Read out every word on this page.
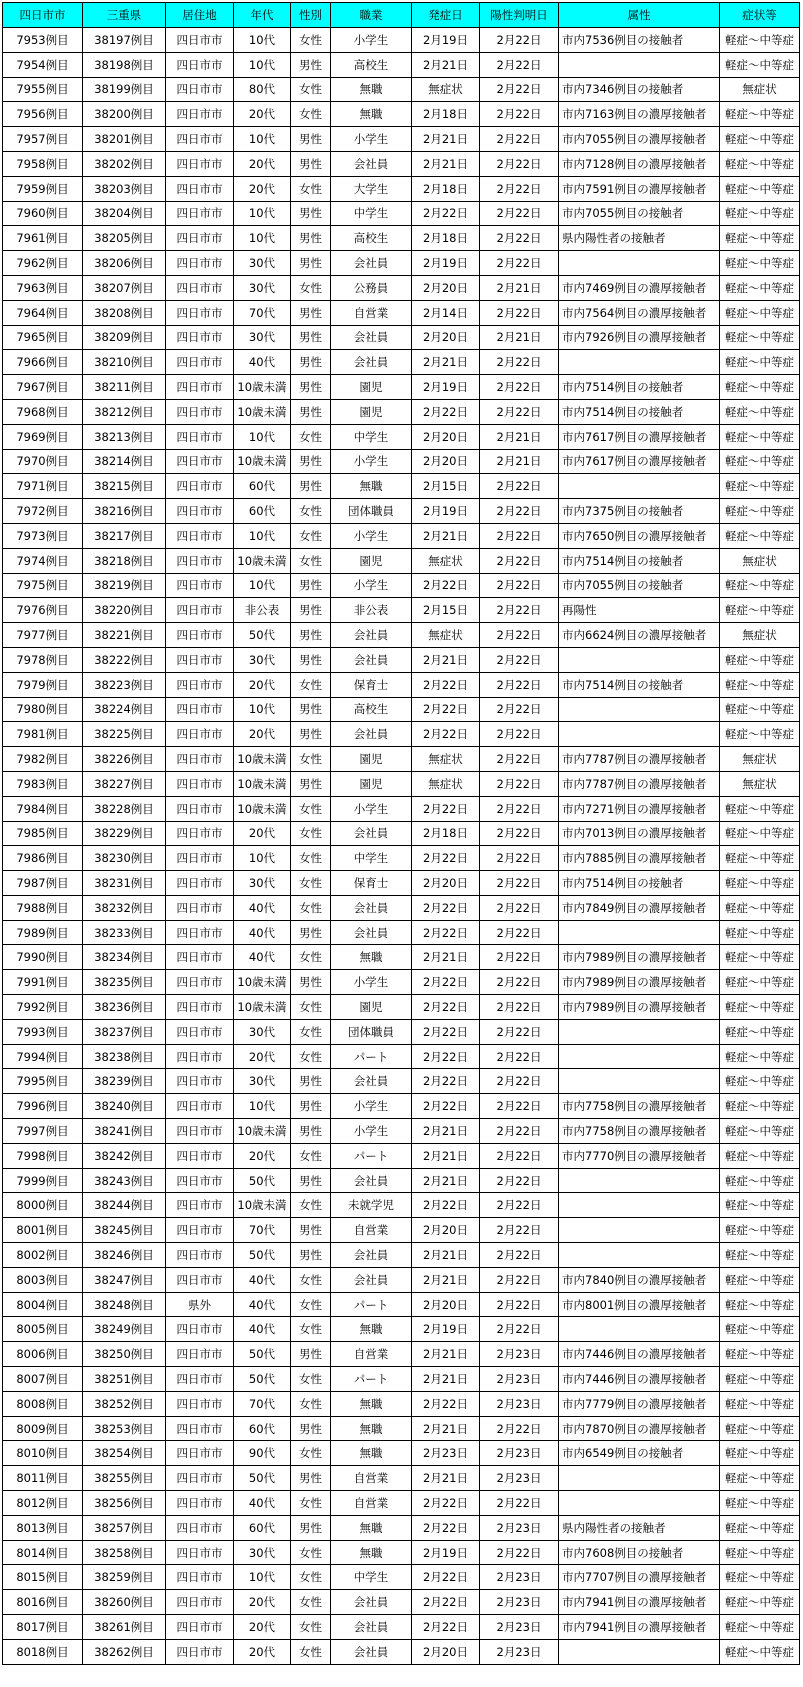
四日市市	三重県	居住地	年代	性別	職業	発症日	陽性判明日	属性	症状等
7953例目	38197例目	四日市市	10代	女性	小学生	2月19日	2月22日	市内7536例目の接触者	軽症～中等症
7954例目	38198例目	四日市市	10代	男性	高校生	2月21日	2月22日		軽症～中等症
7955例目	38199例目	四日市市	80代	女性	無職	無症状	2月22日	市内7346例目の接触者	無症状
7956例目	38200例目	四日市市	20代	女性	無職	2月18日	2月22日	市内7163例目の濃厚接触者	軽症～中等症
7957例目	38201例目	四日市市	10代	男性	小学生	2月21日	2月22日	市内7055例目の濃厚接触者	軽症～中等症
7958例目	38202例目	四日市市	20代	男性	会社員	2月21日	2月22日	市内7128例目の濃厚接触者	軽症～中等症
7959例目	38203例目	四日市市	20代	女性	大学生	2月18日	2月22日	市内7591例目の濃厚接触者	軽症～中等症
7960例目	38204例目	四日市市	10代	男性	中学生	2月22日	2月22日	市内7055例目の接触者	軽症～中等症
7961例目	38205例目	四日市市	10代	男性	高校生	2月18日	2月22日	県内陽性者の接触者	軽症～中等症
7962例目	38206例目	四日市市	30代	男性	会社員	2月19日	2月22日		軽症～中等症
7963例目	38207例目	四日市市	30代	女性	公務員	2月20日	2月21日	市内7469例目の濃厚接触者	軽症～中等症
7964例目	38208例目	四日市市	70代	男性	自営業	2月14日	2月22日	市内7564例目の濃厚接触者	軽症～中等症
7965例目	38209例目	四日市市	30代	男性	会社員	2月20日	2月21日	市内7926例目の濃厚接触者	軽症～中等症
7966例目	38210例目	四日市市	40代	男性	会社員	2月21日	2月22日		軽症～中等症
7967例目	38211例目	四日市市	10歳未満	男性	園児	2月19日	2月22日	市内7514例目の接触者	軽症～中等症
7968例目	38212例目	四日市市	10歳未満	男性	園児	2月22日	2月22日	市内7514例目の接触者	軽症～中等症
7969例目	38213例目	四日市市	10代	女性	中学生	2月20日	2月21日	市内7617例目の濃厚接触者	軽症～中等症
7970例目	38214例目	四日市市	10歳未満	男性	小学生	2月20日	2月21日	市内7617例目の濃厚接触者	軽症～中等症
7971例目	38215例目	四日市市	60代	男性	無職	2月15日	2月22日		軽症～中等症
7972例目	38216例目	四日市市	60代	女性	団体職員	2月19日	2月22日	市内7375例目の接触者	軽症～中等症
7973例目	38217例目	四日市市	10代	女性	小学生	2月21日	2月22日	市内7650例目の濃厚接触者	軽症～中等症
7974例目	38218例目	四日市市	10歳未満	女性	園児	無症状	2月22日	市内7514例目の接触者	無症状
7975例目	38219例目	四日市市	10代	男性	小学生	2月22日	2月22日	市内7055例目の接触者	軽症～中等症
7976例目	38220例目	四日市市	非公表	男性	非公表	2月15日	2月22日	再陽性	軽症～中等症
7977例目	38221例目	四日市市	50代	男性	会社員	無症状	2月22日	市内6624例目の濃厚接触者	無症状
7978例目	38222例目	四日市市	30代	男性	会社員	2月21日	2月22日		軽症～中等症
7979例目	38223例目	四日市市	20代	女性	保育士	2月22日	2月22日	市内7514例目の接触者	軽症～中等症
7980例目	38224例目	四日市市	10代	男性	高校生	2月22日	2月22日		軽症～中等症
7981例目	38225例目	四日市市	20代	男性	会社員	2月22日	2月22日		軽症～中等症
7982例目	38226例目	四日市市	10歳未満	女性	園児	無症状	2月22日	市内7787例目の濃厚接触者	無症状
7983例目	38227例目	四日市市	10歳未満	男性	園児	無症状	2月22日	市内7787例目の濃厚接触者	無症状
7984例目	38228例目	四日市市	10歳未満	女性	小学生	2月22日	2月22日	市内7271例目の濃厚接触者	軽症～中等症
7985例目	38229例目	四日市市	20代	女性	会社員	2月18日	2月22日	市内7013例目の濃厚接触者	軽症～中等症
7986例目	38230例目	四日市市	10代	女性	中学生	2月22日	2月22日	市内7885例目の濃厚接触者	軽症～中等症
7987例目	38231例目	四日市市	30代	女性	保育士	2月20日	2月22日	市内7514例目の接触者	軽症～中等症
7988例目	38232例目	四日市市	40代	女性	会社員	2月22日	2月22日	市内7849例目の濃厚接触者	軽症～中等症
7989例目	38233例目	四日市市	40代	男性	会社員	2月22日	2月22日		軽症～中等症
7990例目	38234例目	四日市市	40代	女性	無職	2月21日	2月22日	市内7989例目の濃厚接触者	軽症～中等症
7991例目	38235例目	四日市市	10歳未満	男性	小学生	2月22日	2月22日	市内7989例目の濃厚接触者	軽症～中等症
7992例目	38236例目	四日市市	10歳未満	女性	園児	2月22日	2月22日	市内7989例目の濃厚接触者	軽症～中等症
7993例目	38237例目	四日市市	30代	女性	団体職員	2月22日	2月22日		軽症～中等症
7994例目	38238例目	四日市市	20代	女性	パート	2月22日	2月22日		軽症～中等症
7995例目	38239例目	四日市市	30代	男性	会社員	2月22日	2月22日		軽症～中等症
7996例目	38240例目	四日市市	10代	男性	小学生	2月22日	2月22日	市内7758例目の濃厚接触者	軽症～中等症
7997例目	38241例目	四日市市	10歳未満	男性	小学生	2月21日	2月22日	市内7758例目の濃厚接触者	軽症～中等症
7998例目	38242例目	四日市市	20代	女性	パート	2月21日	2月22日	市内7770例目の濃厚接触者	軽症～中等症
7999例目	38243例目	四日市市	50代	男性	会社員	2月21日	2月22日		軽症～中等症
8000例目	38244例目	四日市市	10歳未満	女性	未就学児	2月22日	2月22日		軽症～中等症
8001例目	38245例目	四日市市	70代	男性	自営業	2月20日	2月22日		軽症～中等症
8002例目	38246例目	四日市市	50代	男性	会社員	2月21日	2月22日		軽症～中等症
8003例目	38247例目	四日市市	40代	女性	会社員	2月21日	2月22日	市内7840例目の濃厚接触者	軽症～中等症
8004例目	38248例目	県外	40代	女性	パート	2月20日	2月22日	市内8001例目の濃厚接触者	軽症～中等症
8005例目	38249例目	四日市市	40代	女性	無職	2月19日	2月22日		軽症～中等症
8006例目	38250例目	四日市市	50代	男性	自営業	2月21日	2月23日	市内7446例目の濃厚接触者	軽症～中等症
8007例目	38251例目	四日市市	50代	女性	パート	2月21日	2月23日	市内7446例目の濃厚接触者	軽症～中等症
8008例目	38252例目	四日市市	70代	女性	無職	2月22日	2月23日	市内7779例目の濃厚接触者	軽症～中等症
8009例目	38253例目	四日市市	60代	男性	無職	2月21日	2月22日	市内7870例目の濃厚接触者	軽症～中等症
8010例目	38254例目	四日市市	90代	女性	無職	2月23日	2月23日	市内6549例目の接触者	軽症～中等症
8011例目	38255例目	四日市市	50代	男性	自営業	2月21日	2月23日		軽症～中等症
8012例目	38256例目	四日市市	40代	女性	自営業	2月22日	2月22日		軽症～中等症
8013例目	38257例目	四日市市	60代	男性	無職	2月22日	2月23日	県内陽性者の接触者	軽症～中等症
8014例目	38258例目	四日市市	30代	女性	無職	2月19日	2月22日	市内7608例目の接触者	軽症～中等症
8015例目	38259例目	四日市市	10代	女性	中学生	2月22日	2月23日	市内7707例目の濃厚接触者	軽症～中等症
8016例目	38260例目	四日市市	20代	女性	会社員	2月22日	2月23日	市内7941例目の濃厚接触者	軽症～中等症
8017例目	38261例目	四日市市	20代	女性	会社員	2月22日	2月23日	市内7941例目の濃厚接触者	軽症～中等症
8018例目	38262例目	四日市市	20代	女性	会社員	2月20日	2月23日		軽症～中等症
